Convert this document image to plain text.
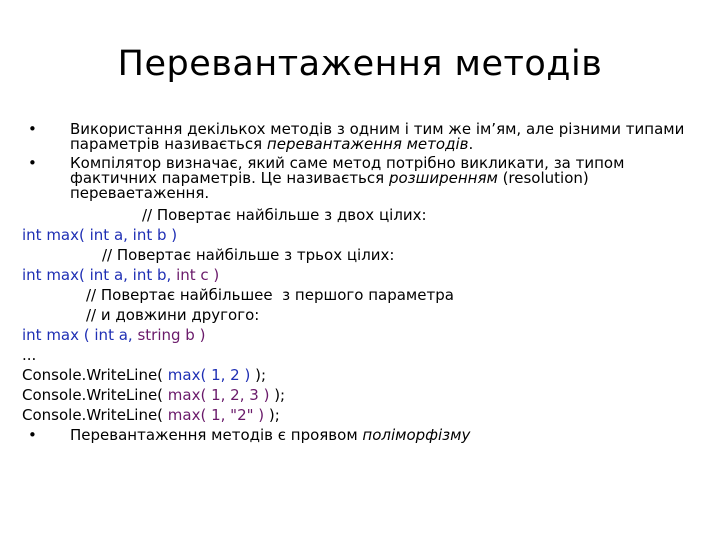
Перевантаження методів
• Використання декількох методів з одним і тим же ім’ям, але різними типами параметрів називається перевантаження методів.
• Компілятор визначає, який саме метод потрібно викликати, за типом фактичних параметрів. Це називається розширенням (resolution) переваетаження.
// Повертає найбільше з двох цілих:
int max( int a, int b )
// Повертає найбільше з трьох цілих:
int max( int a, int b, int c )
// Повертає найбільшее  з першого параметра
// и довжини другого:
int max ( int a, string b )
...
Console.WriteLine( max( 1, 2 ) );
Console.WriteLine( max( 1, 2, 3 ) );
Console.WriteLine( max( 1, "2" ) );
• Перевантаження методів є проявом поліморфізму
